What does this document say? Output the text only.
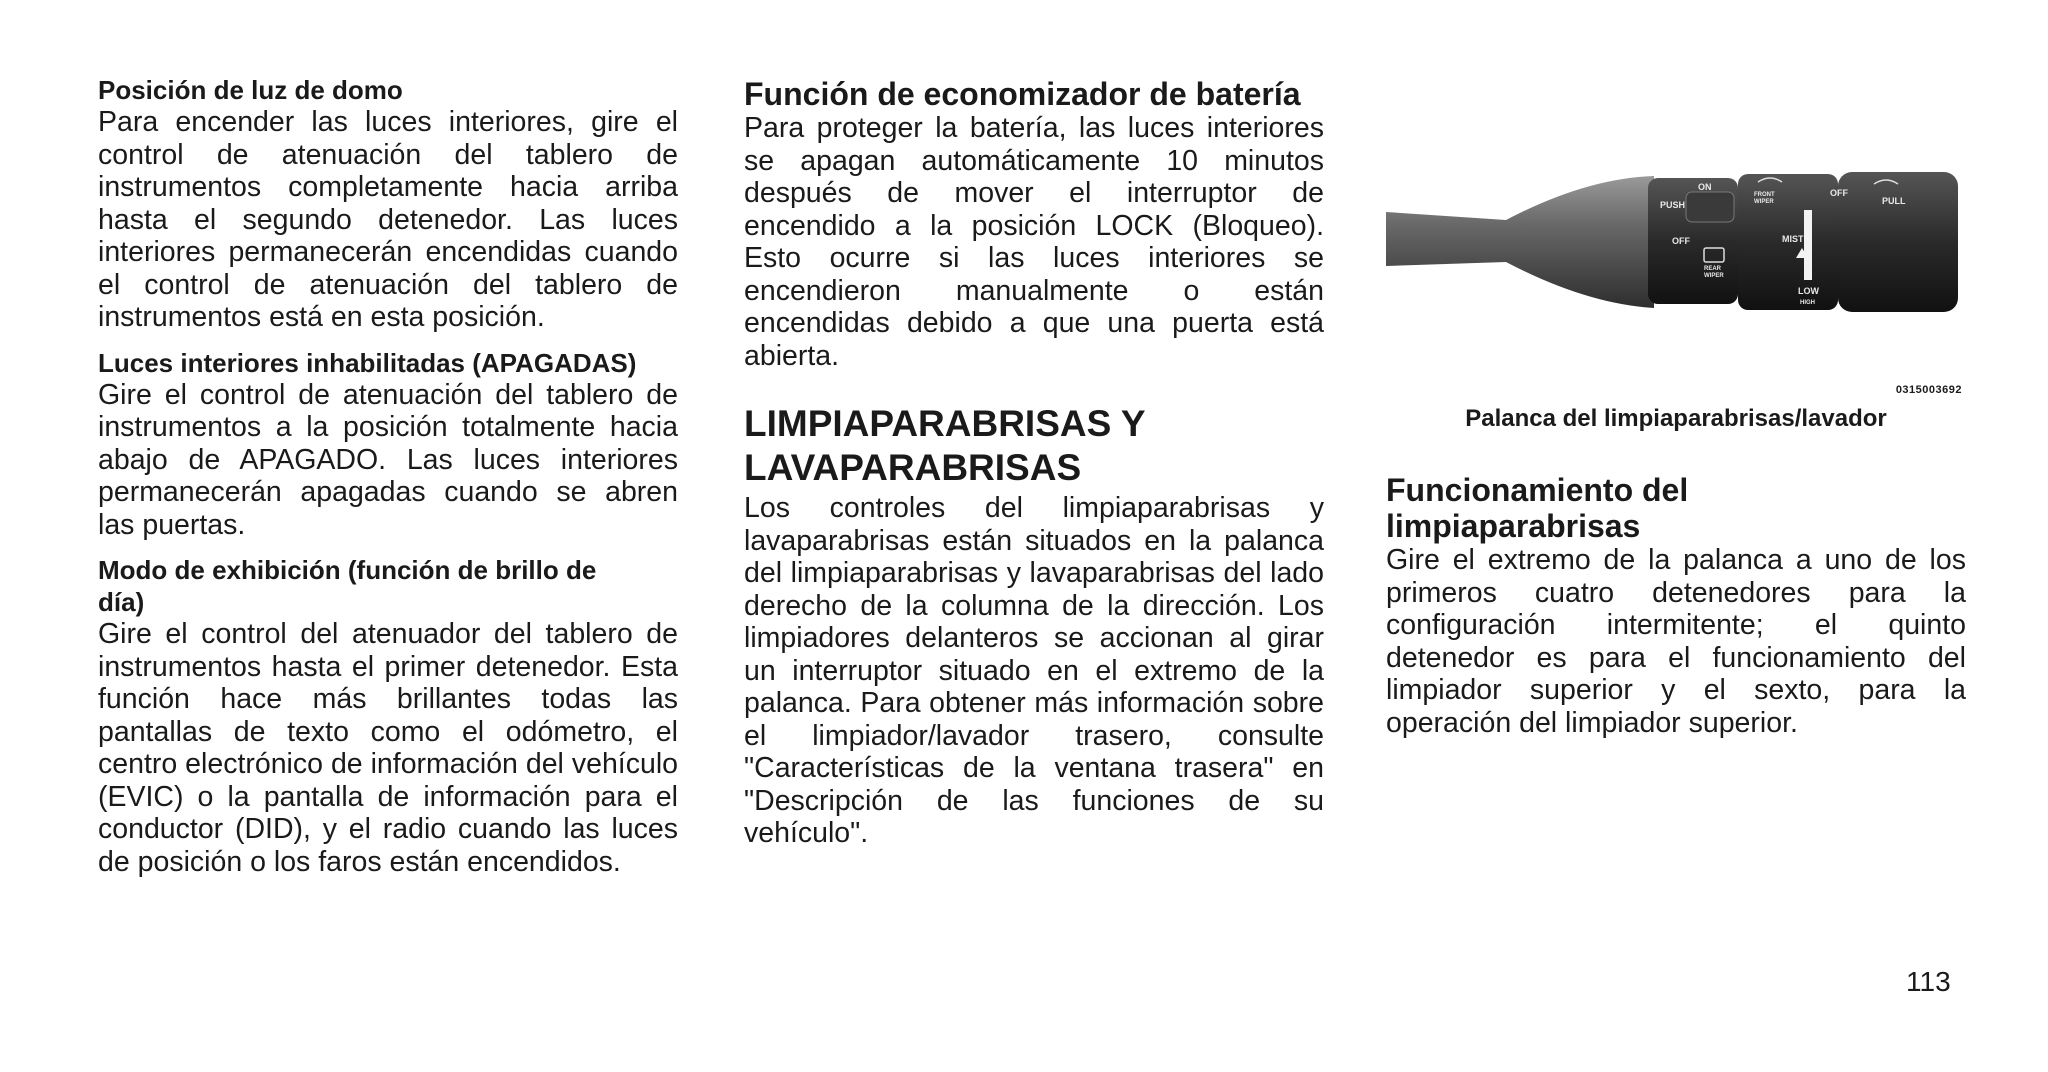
Posición de luz de domo

Para encender las luces interiores, gire el control de atenuación del tablero de instrumentos completamente hacia arriba hasta el segundo detenedor. Las luces interiores permanecerán encendidas cuando el control de atenuación del tablero de instrumentos está en esta posición.

Luces interiores inhabilitadas (APAGADAS)

Gire el control de atenuación del tablero de instrumentos a la posición totalmente hacia abajo de APAGADO. Las luces interiores permanecerán apagadas cuando se abren las puertas.

Modo de exhibición (función de brillo de día)

Gire el control del atenuador del tablero de instrumentos hasta el primer detenedor. Esta función hace más brillantes todas las pantallas de texto como el odómetro, el centro electrónico de información del vehículo (EVIC) o la pantalla de información para el conductor (DID), y el radio cuando las luces de posición o los faros están encendidos.

Función de economizador de batería

Para proteger la batería, las luces interiores se apagan automáticamente 10 minutos después de mover el interruptor de encendido a la posición LOCK (Bloqueo). Esto ocurre si las luces interiores se encendieron manualmente o están encendidas debido a que una puerta está abierta.

LIMPIAPARABRISAS Y
LAVAPARABRISAS

Los controles del limpiaparabrisas y lavaparabrisas están situados en la palanca del limpiaparabrisas y lavaparabrisas del lado derecho de la columna de la dirección. Los limpiadores delanteros se accionan al girar un interruptor situado en el extremo de la palanca. Para obtener más información sobre el limpiador/lavador trasero, consulte "Características de la ventana trasera" en "Descripción de las funciones de su vehículo".

PUSH
ON
OFF
REAR WIPER
FRONT WIPER
OFF
PULL
MIST
LOW
HIGH
0315003692

Palanca del limpiaparabrisas/lavador

Funcionamiento del limpiaparabrisas

Gire el extremo de la palanca a uno de los primeros cuatro detenedores para la configuración intermitente; el quinto detenedor es para el funcionamiento del limpiador superior y el sexto, para la operación del limpiador superior.

113
